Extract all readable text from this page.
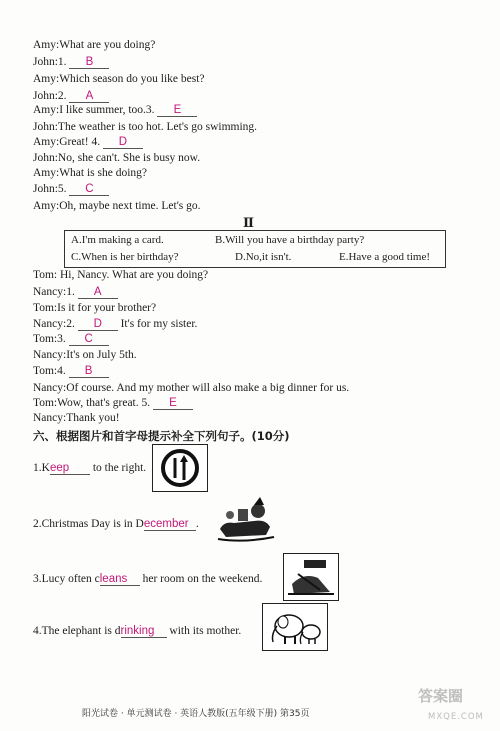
Amy:What are you doing?
John:1. B
Amy:Which season do you like best?
John:2. A
Amy:I like summer, too.3. E
John:The weather is too hot. Let's go swimming.
Amy:Great! 4. D
John:No, she can't. She is busy now.
Amy:What is she doing?
John:5. C
Amy:Oh, maybe next time. Let's go.
Ⅱ
A.I'm making a card.	B.Will you have a birthday party?
C.When is her birthday?	D.No,it isn't.	E.Have a good time!
Tom: Hi, Nancy. What are you doing?
Nancy:1. A
Tom:Is it for your brother?
Nancy:2. D It's for my sister.
Tom:3. C
Nancy:It's on July 5th.
Tom:4. B
Nancy:Of course. And my mother will also make a big dinner for us.
Tom:Wow, that's great. 5. E
Nancy:Thank you!
六、根据图片和首字母提示补全下列句子。(10分)
1.Keep to the right.
2.Christmas Day is in December .
3.Lucy often cleans her room on the weekend.
4.The elephant is drinking with its mother.
阳光试卷 · 单元测试卷 · 英语人教版(五年级下册) 第35页
答案圈
MXQE.COM
